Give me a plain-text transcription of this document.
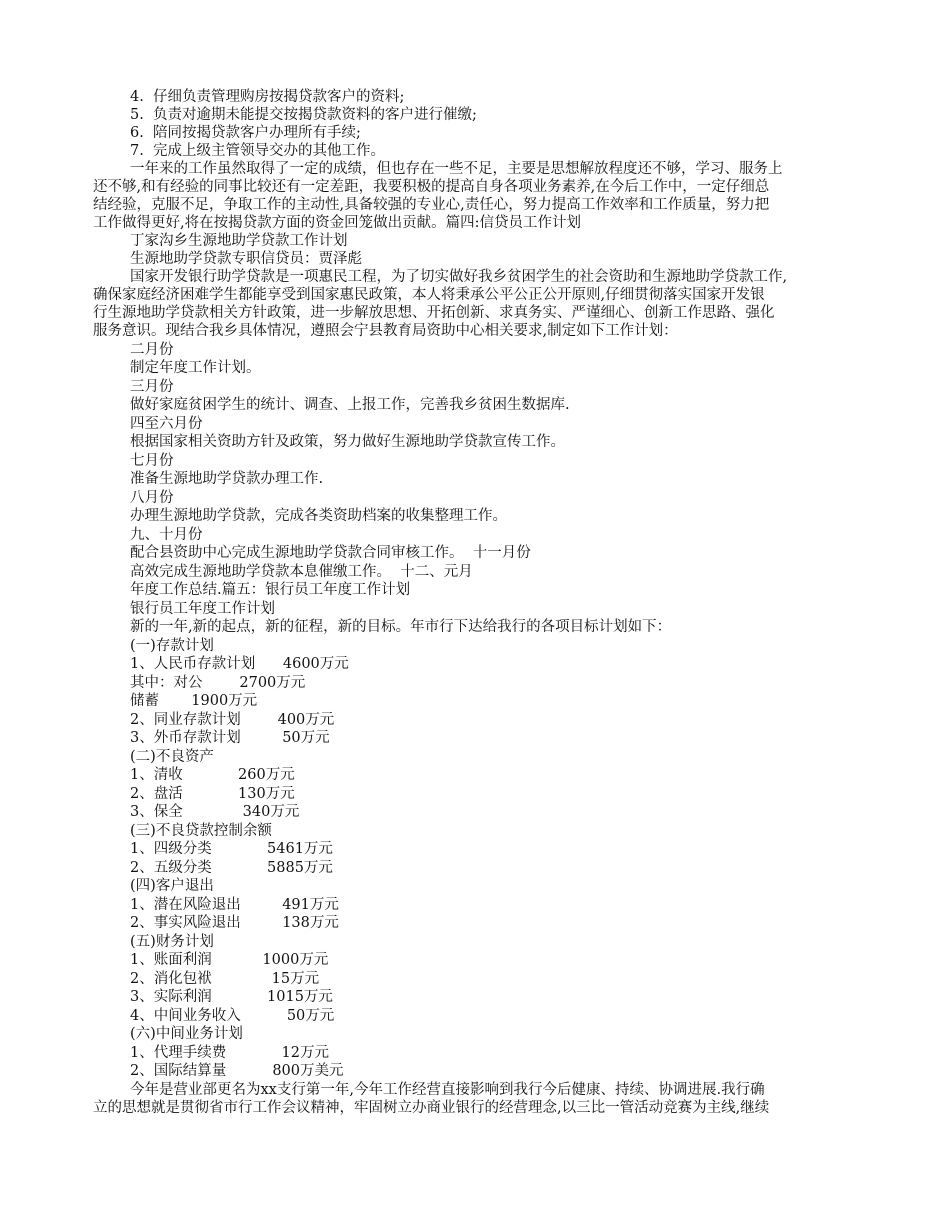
4.  仔细负责管理购房按揭贷款客户的资料;
5.  负责对逾期未能提交按揭贷款资料的客户进行催缴;
6.  陪同按揭贷款客户办理所有手续;
7.  完成上级主管领导交办的其他工作。
一年来的工作虽然取得了一定的成绩，但也存在一些不足，主要是思想解放程度还不够，学习、服务上
还不够,和有经验的同事比较还有一定差距，我要积极的提高自身各项业务素养,在今后工作中，一定仔细总
结经验，克服不足，争取工作的主动性,具备较强的专业心,责任心，努力提高工作效率和工作质量，努力把
工作做得更好,将在按揭贷款方面的资金回笼做出贡献。篇四:信贷员工作计划
丁家沟乡生源地助学贷款工作计划
生源地助学贷款专职信贷员：贾泽彪
国家开发银行助学贷款是一项惠民工程，为了切实做好我乡贫困学生的社会资助和生源地助学贷款工作,
确保家庭经济困难学生都能享受到国家惠民政策，本人将秉承公平公正公开原则,仔细贯彻落实国家开发银
行生源地助学贷款相关方针政策，进一步解放思想、开拓创新、求真务实、严谨细心、创新工作思路、强化
服务意识。现结合我乡具体情况，遵照会宁县教育局资助中心相关要求,制定如下工作计划：
二月份
制定年度工作计划。
三月份
做好家庭贫困学生的统计、调查、上报工作，完善我乡贫困生数据库.
四至六月份
根据国家相关资助方针及政策，努力做好生源地助学贷款宣传工作。
七月份
准备生源地助学贷款办理工作.
八月份
办理生源地助学贷款，完成各类资助档案的收集整理工作。
九、十月份
配合县资助中心完成生源地助学贷款合同审核工作。  十一月份
高效完成生源地助学贷款本息催缴工作。  十二、元月
年度工作总结.篇五：银行员工年度工作计划
银行员工年度工作计划
新的一年,新的起点，新的征程，新的目标。年市行下达给我行的各项目标计划如下：
(一)存款计划
1、人民币存款计划      4600万元
其中：对公        2700万元
储蓄       1900万元
2、同业存款计划        400万元
3、外币存款计划         50万元
(二)不良资产
1、清收            260万元
2、盘活            130万元
3、保全             340万元
(三)不良贷款控制余额
1、四级分类            5461万元
2、五级分类            5885万元
(四)客户退出
1、潜在风险退出         491万元
2、事实风险退出         138万元
(五)财务计划
1、账面利润           1000万元
2、消化包袱             15万元
3、实际利润            1015万元
4、中间业务收入          50万元
(六)中间业务计划
1、代理手续费            12万元
2、国际结算量          800万美元
今年是营业部更名为xx支行第一年,今年工作经营直接影响到我行今后健康、持续、协调进展.我行确
立的思想就是贯彻省市行工作会议精神，牢固树立办商业银行的经营理念,以三比一管活动竞赛为主线,继续
